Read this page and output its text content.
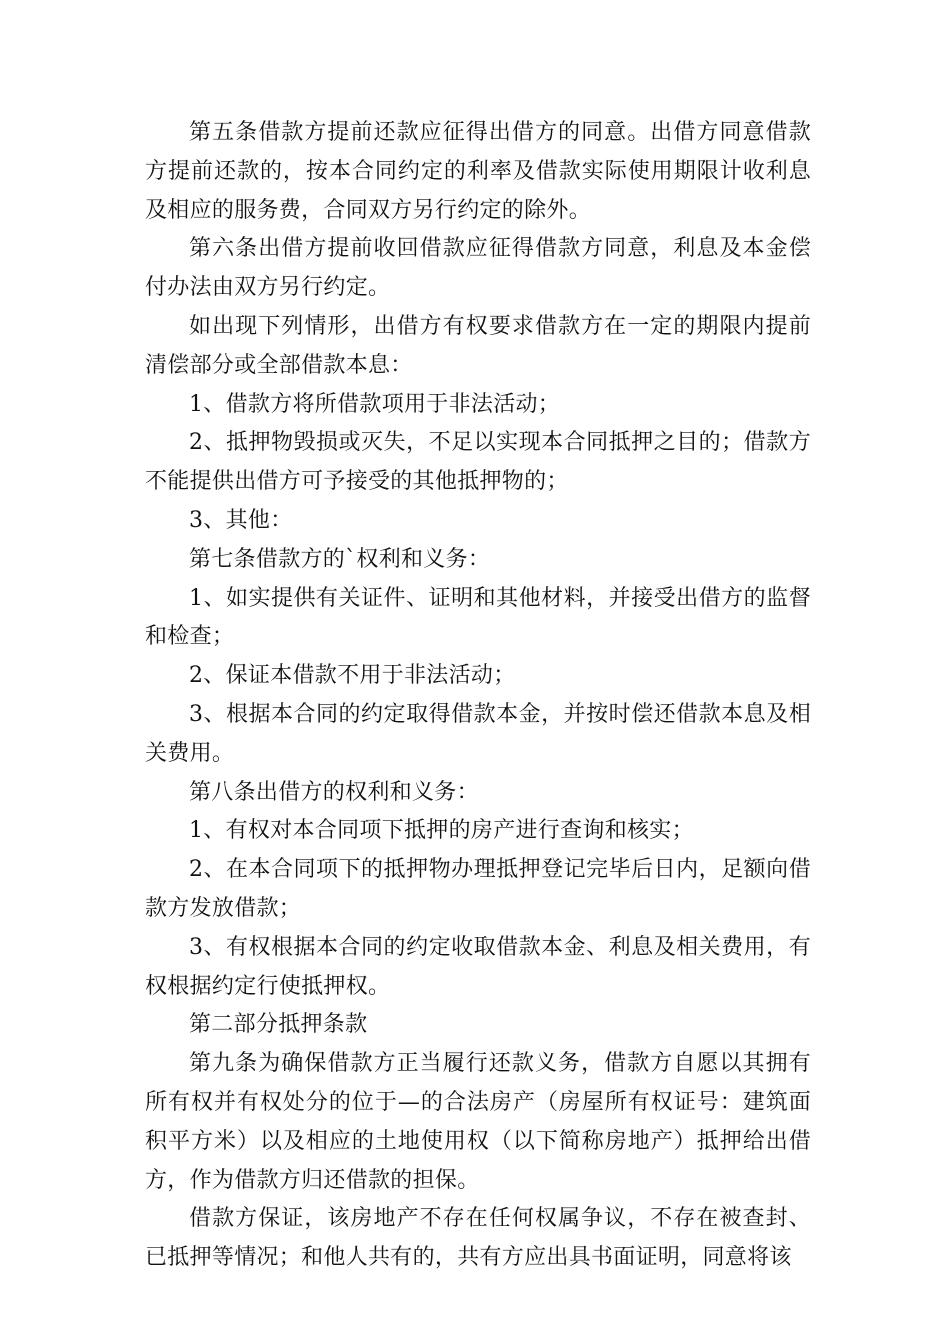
第五条借款方提前还款应征得出借方的同意。出借方同意借款方提前还款的，按本合同约定的利率及借款实际使用期限计收利息及相应的服务费，合同双方另行约定的除外。

第六条出借方提前收回借款应征得借款方同意，利息及本金偿付办法由双方另行约定。

如出现下列情形，出借方有权要求借款方在一定的期限内提前清偿部分或全部借款本息：

1、借款方将所借款项用于非法活动；

2、抵押物毁损或灭失，不足以实现本合同抵押之目的；借款方不能提供出借方可予接受的其他抵押物的；

3、其他：

第七条借款方的`权利和义务：

1、如实提供有关证件、证明和其他材料，并接受出借方的监督和检查；

2、保证本借款不用于非法活动；

3、根据本合同的约定取得借款本金，并按时偿还借款本息及相关费用。

第八条出借方的权利和义务：

1、有权对本合同项下抵押的房产进行查询和核实；

2、在本合同项下的抵押物办理抵押登记完毕后日内，足额向借款方发放借款；

3、有权根据本合同的约定收取借款本金、利息及相关费用，有权根据约定行使抵押权。

第二部分抵押条款

第九条为确保借款方正当履行还款义务，借款方自愿以其拥有所有权并有权处分的位于—的合法房产（房屋所有权证号：建筑面积平方米）以及相应的土地使用权（以下简称房地产）抵押给出借方，作为借款方归还借款的担保。

借款方保证，该房地产不存在任何权属争议，不存在被查封、已抵押等情况；和他人共有的，共有方应出具书面证明，同意将该
